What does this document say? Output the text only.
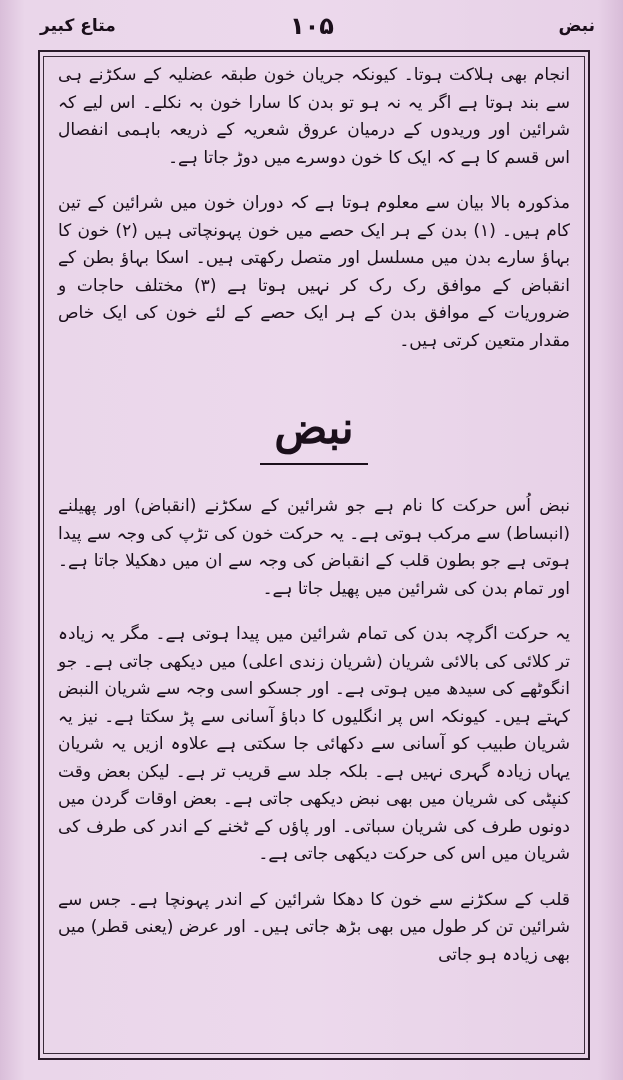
متاع کبیر	۱۰۵	نبض

انجام بھی ہلاکت ہوتا۔ کیونکہ جریان خون طبقہ عضلیہ کے سکڑنے ہی سے بند ہوتا ہے اگر یہ نہ ہو تو بدن کا سارا خون بہ نکلے۔ اس لیے کہ شرائین اور وریدوں کے درمیان عروق شعریہ کے ذریعہ باہمی انفصال اس قسم کا ہے کہ ایک کا خون دوسرے میں دوڑ جاتا ہے۔

مذکورہ بالا بیان سے معلوم ہوتا ہے کہ دوران خون میں شرائین کے تین کام ہیں۔ (۱) بدن کے ہر ایک حصے میں خون پہونچاتی ہیں (۲) خون کا بہاؤ سارے بدن میں مسلسل اور متصل رکھتی ہیں۔ اسکا بہاؤ بطن کے انقباض کے موافق رک رک کر نہیں ہوتا ہے (۳) مختلف حاجات و ضروریات کے موافق بدن کے ہر ایک حصے کے لئے خون کی ایک خاص مقدار متعین کرتی ہیں۔

نبض

نبض اُس حرکت کا نام ہے جو شرائین کے سکڑنے (انقباض) اور پھیلنے (انبساط) سے مرکب ہوتی ہے۔ یہ حرکت خون کی تڑپ کی وجہ سے پیدا ہوتی ہے جو بطون قلب کے انقباض کی وجہ سے ان میں دھکیلا جاتا ہے۔ اور تمام بدن کی شرائین میں پھیل جاتا ہے۔

یہ حرکت اگرچہ بدن کی تمام شرائین میں پیدا ہوتی ہے۔ مگر یہ زیادہ تر کلائی کی بالائی شریان (شریان زندی اعلی) میں دیکھی جاتی ہے۔ جو انگوٹھے کی سیدھ میں ہوتی ہے۔ اور جسکو اسی وجہ سے شریان النبض کہتے ہیں۔ کیونکہ اس پر انگلیوں کا دباؤ آسانی سے پڑ سکتا ہے۔ نیز یہ شریان طبیب کو آسانی سے دکھائی جا سکتی ہے علاوہ ازیں یہ شریان یہاں زیادہ گہری نہیں ہے۔ بلکہ جلد سے قریب تر ہے۔ لیکن بعض وقت کنپٹی کی شریان میں بھی نبض دیکھی جاتی ہے۔ بعض اوقات گردن میں دونوں طرف کی شریان سباتی۔ اور پاؤں کے ٹخنے کے اندر کی طرف کی شریان میں اس کی حرکت دیکھی جاتی ہے۔

قلب کے سکڑنے سے خون کا دھکا شرائین کے اندر پہونچا ہے۔ جس سے شرائین تن کر طول میں بھی بڑھ جاتی ہیں۔ اور عرض (یعنی قطر) میں بھی زیادہ ہو جاتی
